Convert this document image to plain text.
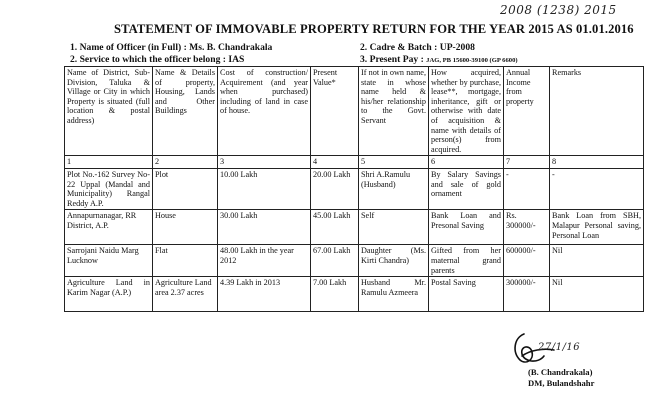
2008 (1238) 2015
STATEMENT OF IMMOVABLE PROPERTY RETURN FOR THE YEAR 2015 AS 01.01.2016
1. Name of Officer (in Full) : Ms. B. Chandrakala	2. Cadre & Batch : UP-2008
2. Service to which the officer belong : IAS	3. Present Pay : JAG, PB 15600-39100 (GP 6600)
Name of District, Sub-Division, Taluka & Village or City in which Property is situated (full location & postal address)	Name & Details of property, Housing, Lands and Other Buildings	Cost of construction/ Acquirement (and year when purchased) including of land in case of house.	Present Value*	If not in own name, state in whose name held & his/her relationship to the Govt. Servant	How acquired, whether by purchase, lease**, mortgage, inheritance, gift or otherwise with date of acquisition & name with details of person(s) from acquired.	Annual Income from property	Remarks
1	2	3	4	5	6	7	8
Plot No.-162 Survey No-22 Uppal (Mandal and Municipality) Rangal Reddy A.P.	Plot	10.00 Lakh	20.00 Lakh	Shri A.Ramulu (Husband)	By Salary Savings and sale of gold ornament	-	-
Annapurnanagar, RR District, A.P.	House	30.00 Lakh	45.00 Lakh	Self	Bank Loan and Presonal Saving	Rs. 300000/-	Bank Loan from SBH, Malapur Personal saving, Personal Loan
Sarrojani Naidu Marg Lucknow	Flat	48.00 Lakh in the year 2012	67.00 Lakh	Daughter (Ms. Kirti Chandra)	Gifted from her maternal grand parents	600000/-	Nil
Agriculture Land in Karim Nagar (A.P.)	Agriculture Land area 2.37 acres	4.39 Lakh in 2013	7.00 Lakh	Husband Mr. Ramulu Azmeera	Postal Saving	300000/-	Nil
27/1/16
(B. Chandrakala)
DM, Bulandshahr
